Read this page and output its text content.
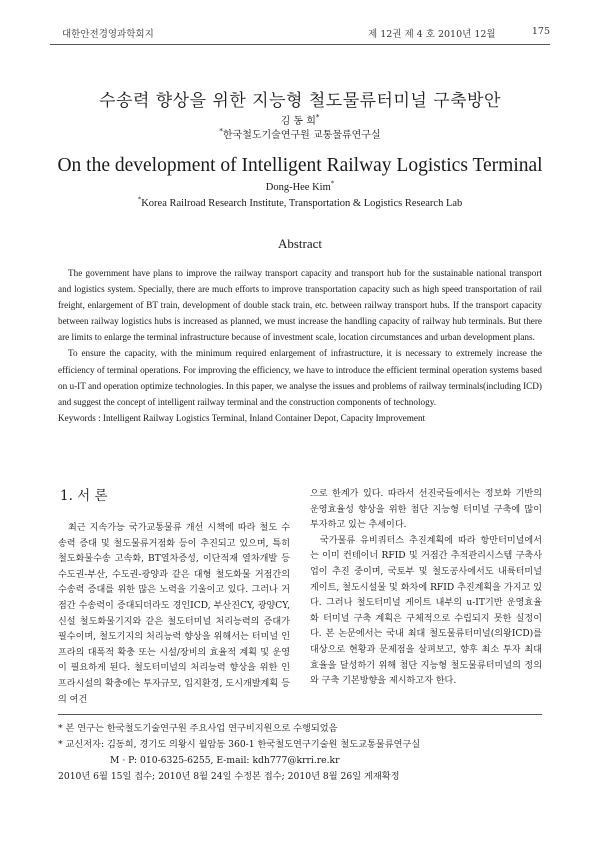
대한안전경영과학회지	제 12권 제 4 호 2010년 12월	175
수송력 향상을 위한 지능형 철도물류터미널 구축방안
김 동 희*
*한국철도기술연구원 교통물류연구실
On the development of Intelligent Railway Logistics Terminal
Dong-Hee Kim*
*Korea Railroad Research Institute, Transportation & Logistics Research Lab
Abstract

The government have plans to improve the railway transport capacity and transport hub for the sustainable national transport and logistics system. Specially, there are much efforts to improve transportation capacity such as high speed transportation of rail freight, enlargement of BT train, development of double stack train, etc. between railway transport hubs. If the transport capacity between railway logistics hubs is increased as planned, we must increase the handling capacity of railway hub terminals. But there are limits to enlarge the terminal infrastructure because of investment scale, location circumstances and urban development plans.

To ensure the capacity, with the minimum required enlargement of infrastructure, it is necessary to extremely increase the efficiency of terminal operations. For improving the efficiency, we have to introduce the efficient terminal operation systems based on u-IT and operation optimize technologies. In this paper, we analyse the issues and problems of railway terminals(including ICD) and suggest the concept of intelligent railway terminal and the construction components of technology.

Keywords : Intelligent Railway Logistics Terminal, Inland Container Depot, Capacity Improvement

1. 서 론

최근 지속가능 국가교통물류 개선 시책에 따라 철도 수송력 증대 및 철도물류거점화 등이 추진되고 있으며, 특히 철도화물수송 고속화, BT열차증성, 이단적재 열차개발 등 수도권-부산, 수도권-광양과 같은 대형 철도화물 거점간의 수송력 증대를 위한 많은 노력을 기울이고 있다. 그러나 거점간 수송력이 증대되더라도 경인ICD, 부산진CY, 광양CY, 신설 철도화물기지와 같은 철도터미널 처리능력의 증대가 필수이며, 철도기지의 처리능력 향상을 위해서는 터미널 인프라의 대폭적 확충 또는 시설/장비의 효율적 계획 및 운영이 필요하게 된다. 철도터미널의 처리능력 향상을 위한 인프라시설의 확충에는 투자규모, 입지환경, 도시개발계획 등의 여건

으로 한계가 있다. 따라서 선진국들에서는 정보화 기반의 운영효율성 향상을 위한 첨단 지능형 터미널 구축에 많이 투자하고 있는 추세이다.

국가물류 유비쿼터스 추진계획에 따라 항만터미널에서는 이미 컨테이너 RFID 및 거점간 추적관리시스템 구축사업이 추진 중이며, 국토부 및 철도공사에서도 내륙터미널 게이트, 철도시설물 및 화차에 RFID 추진계획을 가지고 있다. 그러나 철도터미널 게이트 내부의 u-IT기반 운영효율화 터미널 구축 계획은 구체적으로 수립되지 못한 실정이다. 본 논문에서는 국내 최대 철도물류터미널(의왕ICD)를 대상으로 현황과 문제점을 살펴보고, 향후 최소 투자 최대 효율을 달성하기 위해 첨단 지능형 철도물류터미널의 정의와 구축 기본방향을 제시하고자 한다.

* 본 연구는 한국철도기술연구원 주요사업 연구비지원으로 수행되었음
* 교신저자: 김동희, 경기도 의왕시 월암동 360-1 한국철도연구기술원 철도교통물류연구실
M · P: 010-6325-6255, E-mail: kdh777@krri.re.kr
2010년 6월 15일 접수; 2010년 8월 24일 수정본 접수; 2010년 8월 26일 게재확정
